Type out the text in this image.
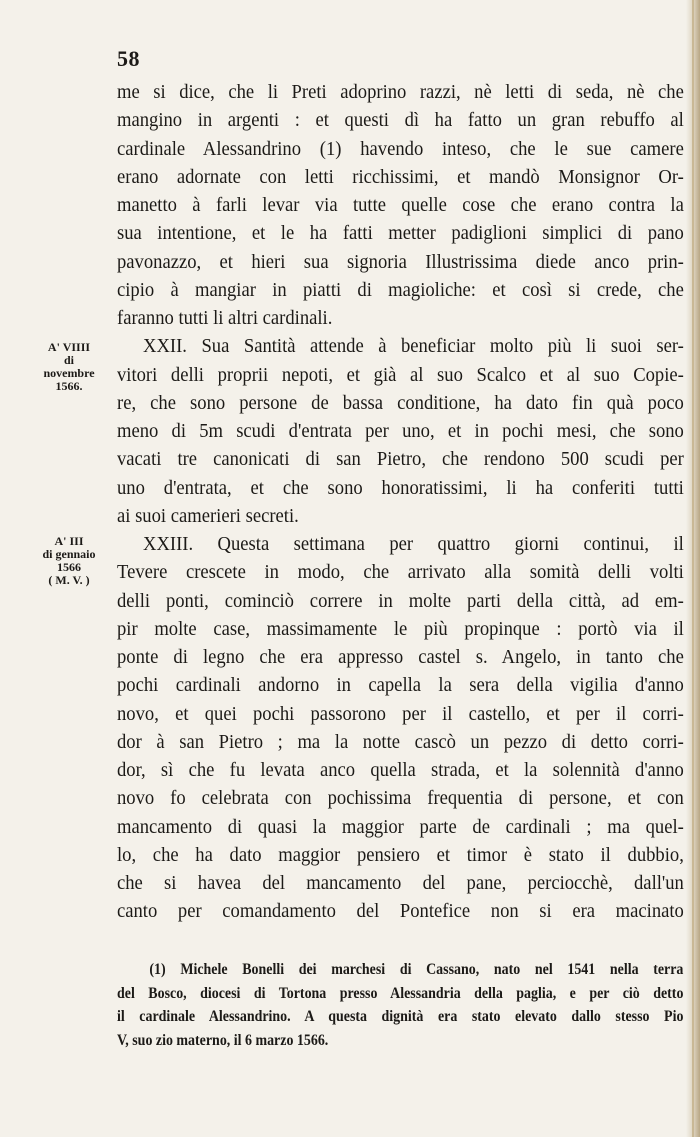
58
me si dice, che li Preti adoprino razzi, nè letti di seda, nè che
mangino in argenti : et questi dì ha fatto un gran rebuffo al
cardinale Alessandrino (1) havendo inteso, che le sue camere
erano adornate con letti ricchissimi, et mandò Monsignor Or-
manetto à farli levar via tutte quelle cose che erano contra la
sua intentione, et le ha fatti metter padiglioni simplici di pano
pavonazzo, et hieri sua signoria Illustrissima diede anco prin-
cipio à mangiar in piatti di magioliche: et così si crede, che
faranno tutti li altri cardinali.
XXII. Sua Santità attende à beneficiar molto più li suoi ser-
vitori delli proprii nepoti, et già al suo Scalco et al suo Copie-
re, che sono persone de bassa conditione, ha dato fin quà poco
meno di 5m scudi d'entrata per uno, et in pochi mesi, che sono
vacati tre canonicati di san Pietro, che rendono 500 scudi per
uno d'entrata, et che sono honoratissimi, li ha conferiti tutti
ai suoi camerieri secreti.
XXIII. Questa settimana per quattro giorni continui, il
Tevere crescete in modo, che arrivato alla somità delli volti
delli ponti, cominciò correre in molte parti della città, ad em-
pir molte case, massimamente le più propinque : portò via il
ponte di legno che era appresso castel s. Angelo, in tanto che
pochi cardinali andorno in capella la sera della vigilia d'anno
novo, et quei pochi passorono per il castello, et per il corri-
dor à san Pietro ; ma la notte cascò un pezzo di detto corri-
dor, sì che fu levata anco quella strada, et la solennità d'anno
novo fo celebrata con pochissima frequentia di persone, et con
mancamento di quasi la maggior parte de cardinali ; ma quel-
lo, che ha dato maggior pensiero et timor è stato il dubbio,
che si havea del mancamento del pane, perciocchè, dall'un
canto per comandamento del Pontefice non si era macinato
A' VIIII
di
novembre
1566.
A' III
di gennaio
1566
( M. V. )
(1) Michele Bonelli dei marchesi di Cassano, nato nel 1541 nella terra
del Bosco, diocesi di Tortona presso Alessandria della paglia, e per ciò detto
il cardinale Alessandrino. A questa dignità era stato elevato dallo stesso Pio
V, suo zio materno, il 6 marzo 1566.
